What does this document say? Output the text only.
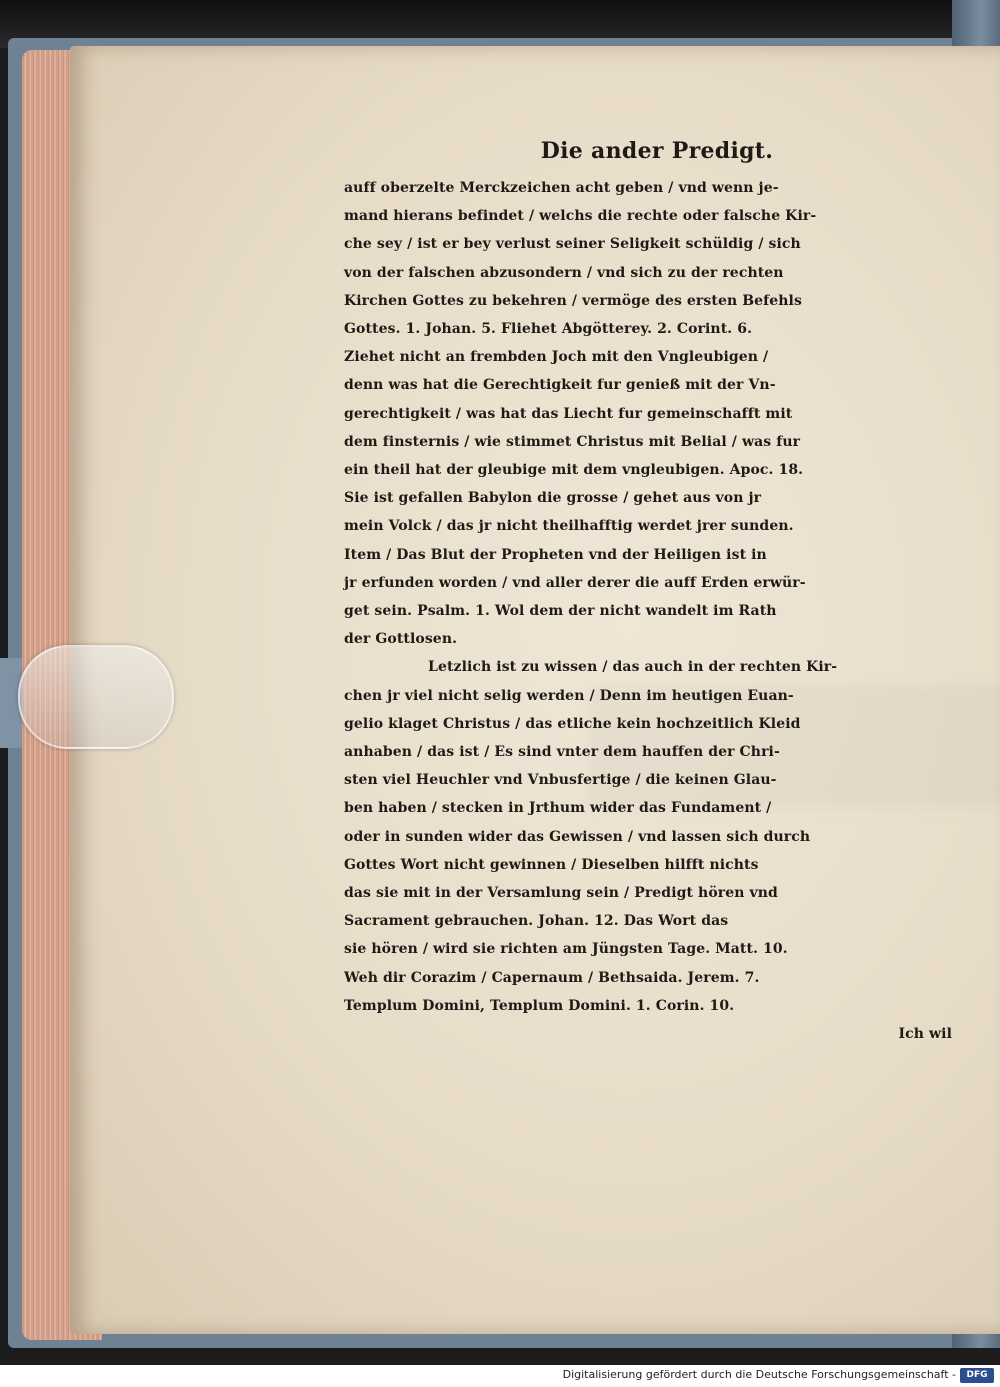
Die ander Predigt.
auff oberzelte Merckzeichen acht geben / vnd wenn je-
mand hierans befindet / welchs die rechte oder falsche Kir-
che sey / ist er bey verlust seiner Seligkeit schüldig / sich
von der falschen abzusondern / vnd sich zu der rechten
Kirchen Gottes zu bekehren / vermöge des ersten Befehls
Gottes. 1. Johan. 5. Fliehet Abgötterey. 2. Corint. 6.
Ziehet nicht an frembden Joch mit den Vngleubigen /
denn was hat die Gerechtigkeit fur genieß mit der Vn-
gerechtigkeit / was hat das Liecht fur gemeinschafft mit
dem finsternis / wie stimmet Christus mit Belial / was fur
ein theil hat der gleubige mit dem vngleubigen. Apoc. 18.
Sie ist gefallen Babylon die grosse / gehet aus von jr
mein Volck / das jr nicht theilhafftig werdet jrer sunden.
Item / Das Blut der Propheten vnd der Heiligen ist in
jr erfunden worden / vnd aller derer die auff Erden erwür-
get sein. Psalm. 1. Wol dem der nicht wandelt im Rath
der Gottlosen.
Letzlich ist zu wissen / das auch in der rechten Kir-
chen jr viel nicht selig werden / Denn im heutigen Euan-
gelio klaget Christus / das etliche kein hochzeitlich Kleid
anhaben / das ist / Es sind vnter dem hauffen der Chri-
sten viel Heuchler vnd Vnbusfertige / die keinen Glau-
ben haben / stecken in Jrthum wider das Fundament /
oder in sunden wider das Gewissen / vnd lassen sich durch
Gottes Wort nicht gewinnen / Dieselben hilfft nichts
das sie mit in der Versamlung sein / Predigt hören vnd
Sacrament gebrauchen. Johan. 12. Das Wort das
sie hören / wird sie richten am Jüngsten Tage. Matt. 10.
Weh dir Corazim / Capernaum / Bethsaida. Jerem. 7.
Templum Domini, Templum Domini. 1. Corin. 10.
Ich wil
Digitalisierung gefördert durch die Deutsche Forschungsgemeinschaft -	DFG
